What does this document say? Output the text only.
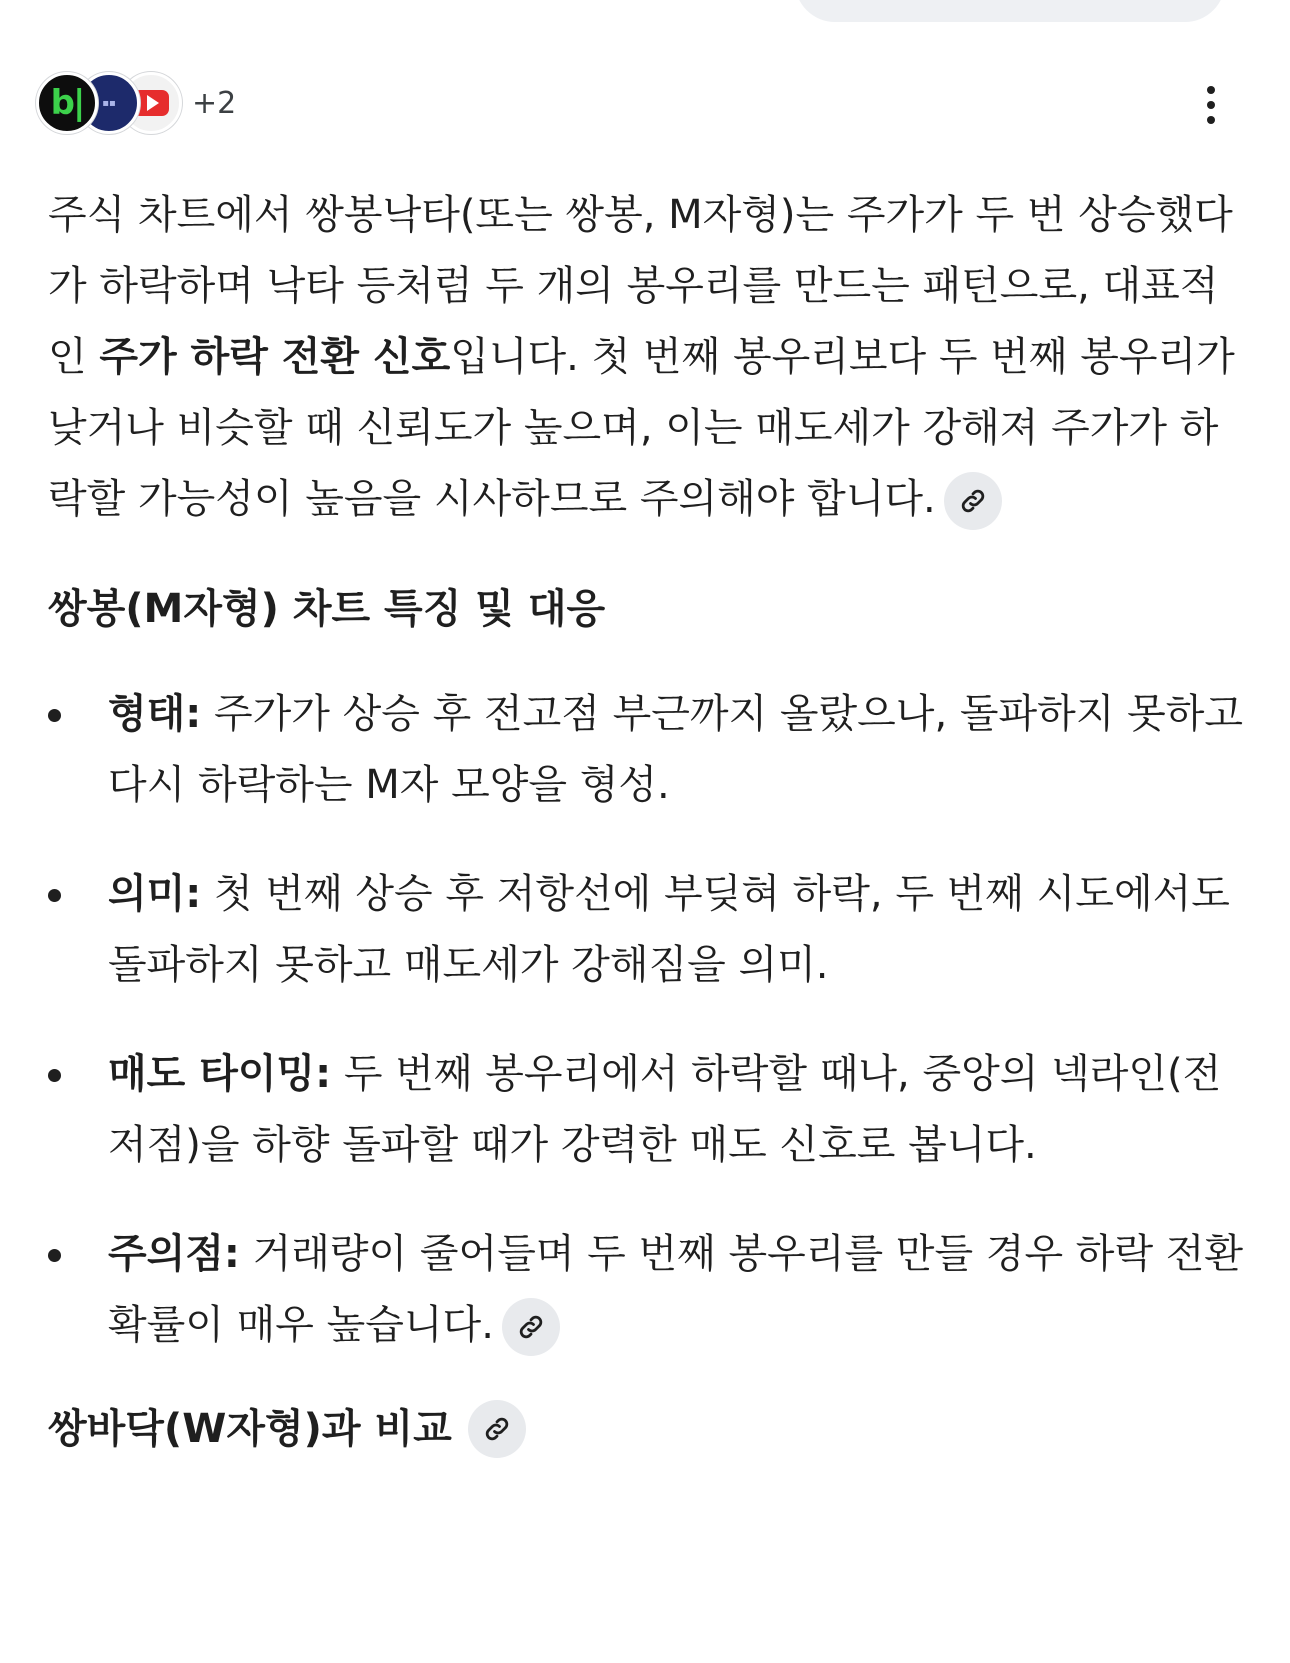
b| ▪▪	+2

주식 차트에서 쌍봉낙타(또는 쌍봉, M자형)는 주가가 두 번 상승했다가 하락하며 낙타 등처럼 두 개의 봉우리를 만드는 패턴으로, 대표적인 주가 하락 전환 신호입니다. 첫 번째 봉우리보다 두 번째 봉우리가 낮거나 비슷할 때 신뢰도가 높으며, 이는 매도세가 강해져 주가가 하락할 가능성이 높음을 시사하므로 주의해야 합니다.

쌍봉(M자형) 차트 특징 및 대응
형태: 주가가 상승 후 전고점 부근까지 올랐으나, 돌파하지 못하고 다시 하락하는 M자 모양을 형성.
의미: 첫 번째 상승 후 저항선에 부딪혀 하락, 두 번째 시도에서도 돌파하지 못하고 매도세가 강해짐을 의미.
매도 타이밍: 두 번째 봉우리에서 하락할 때나, 중앙의 넥라인(전저점)을 하향 돌파할 때가 강력한 매도 신호로 봅니다.
주의점: 거래량이 줄어들며 두 번째 봉우리를 만들 경우 하락 전환 확률이 매우 높습니다.
쌍바닥(W자형)과 비교
